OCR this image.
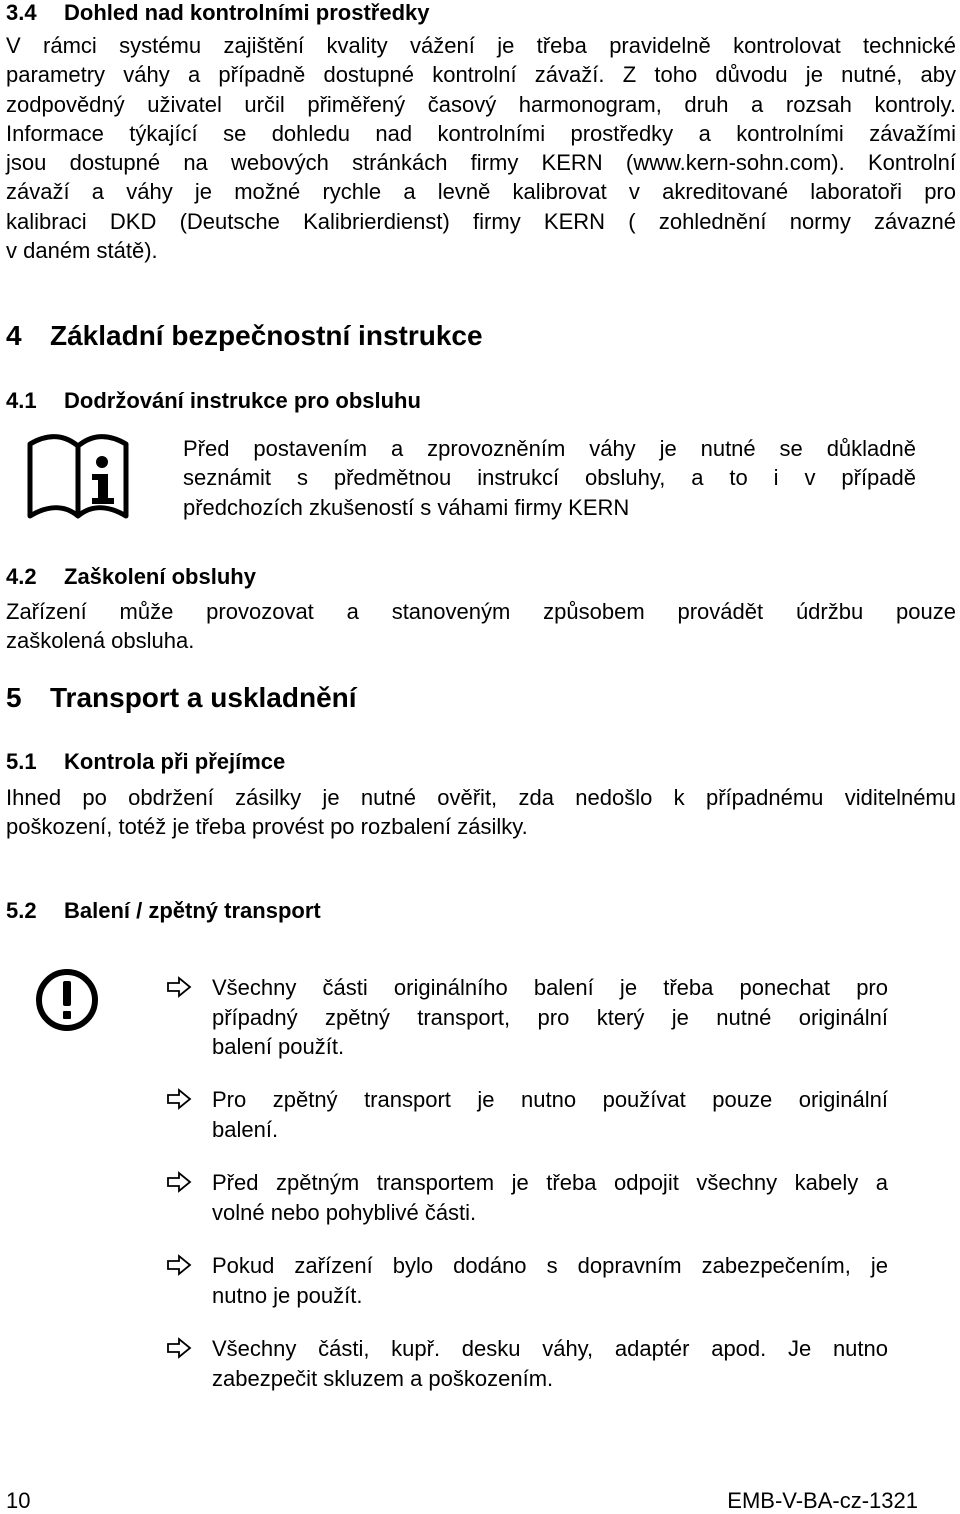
3.4 Dohled nad kontrolními prostředky
V rámci systému zajištění kvality vážení je třeba pravidelně kontrolovat technické
parametry váhy a případně dostupné kontrolní závaží. Z toho důvodu je nutné, aby
zodpovědný uživatel určil přiměřený časový harmonogram, druh a rozsah kontroly.
Informace týkající se dohledu nad kontrolními prostředky a kontrolními závažími
jsou dostupné na webových stránkách firmy KERN (www.kern-sohn.com). Kontrolní
závaží a váhy je možné rychle a levně kalibrovat v akreditované laboratoři pro
kalibraci DKD (Deutsche Kalibrierdienst) firmy KERN ( zohlednění normy závazné
v daném státě).
4 Základní bezpečnostní instrukce
4.1 Dodržování instrukce pro obsluhu
Před postavením a zprovozněním váhy je nutné se důkladně
seznámit s předmětnou instrukcí obsluhy, a to i v případě
předchozích zkušeností s váhami firmy KERN
4.2 Zaškolení obsluhy
Zařízení může provozovat a stanoveným způsobem provádět údržbu pouze
zaškolená obsluha.
5 Transport a uskladnění
5.1 Kontrola při přejímce
Ihned po obdržení zásilky je nutné ověřit, zda nedošlo k případnému viditelnému
poškození, totéž je třeba provést po rozbalení zásilky.
5.2 Balení / zpětný transport
Všechny části originálního balení je třeba ponechat pro
případný zpětný transport, pro který je nutné originální
balení použít.
Pro zpětný transport je nutno používat pouze originální
balení.
Před zpětným transportem je třeba odpojit všechny kabely a
volné nebo pohyblivé části.
Pokud zařízení bylo dodáno s dopravním zabezpečením, je
nutno je použít.
Všechny části, kupř. desku váhy, adaptér apod. Je nutno
zabezpečit skluzem a poškozením.
10	EMB-V-BA-cz-1321
